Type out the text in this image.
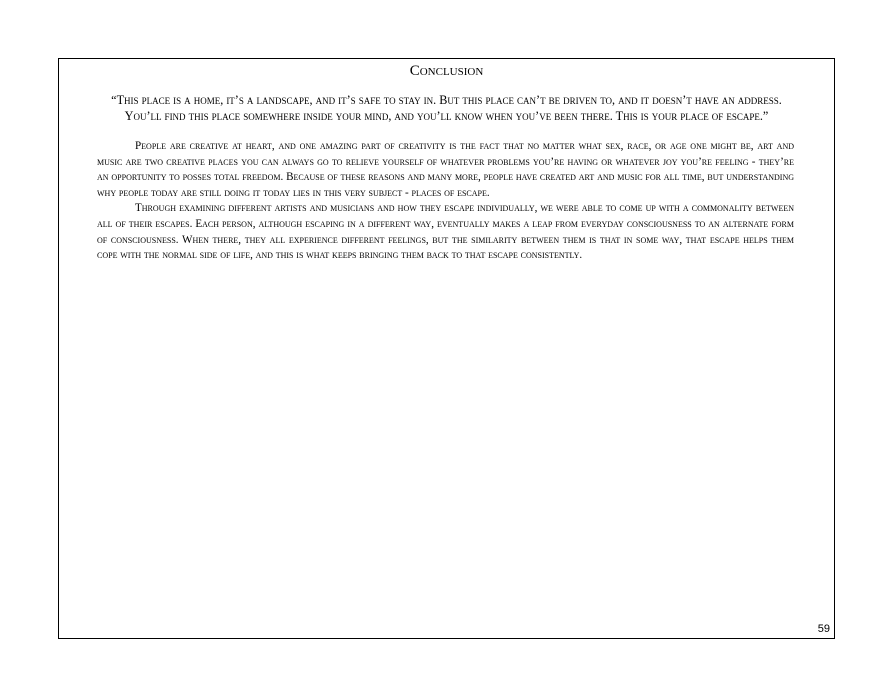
Conclusion
“This place is a home, it’s a landscape, and it’s safe to stay in. But this place can’t be driven to, and it doesn’t have an address.
You’ll find this place somewhere inside your mind, and you’ll know when you’ve been there. This is your place of escape.”

People are creative at heart, and one amazing part of creativity is the fact that no matter what sex, race, or age one might be, art and music are two creative places you can always go to relieve yourself of whatever problems you’re having or whatever joy you’re feeling - they’re an opportunity to posses total freedom. Because of these reasons and many more, people have created art and music for all time, but understanding why people today are still doing it today lies in this very subject - places of escape.

Through examining different artists and musicians and how they escape individually, we were able to come up with a commonality between all of their escapes. Each person, although escaping in a different way, eventually makes a leap from everyday consciousness to an alternate form of consciousness. When there, they all experience different feelings, but the similarity between them is that in some way, that escape helps them cope with the normal side of life, and this is what keeps bringing them back to that escape consistently.

59
